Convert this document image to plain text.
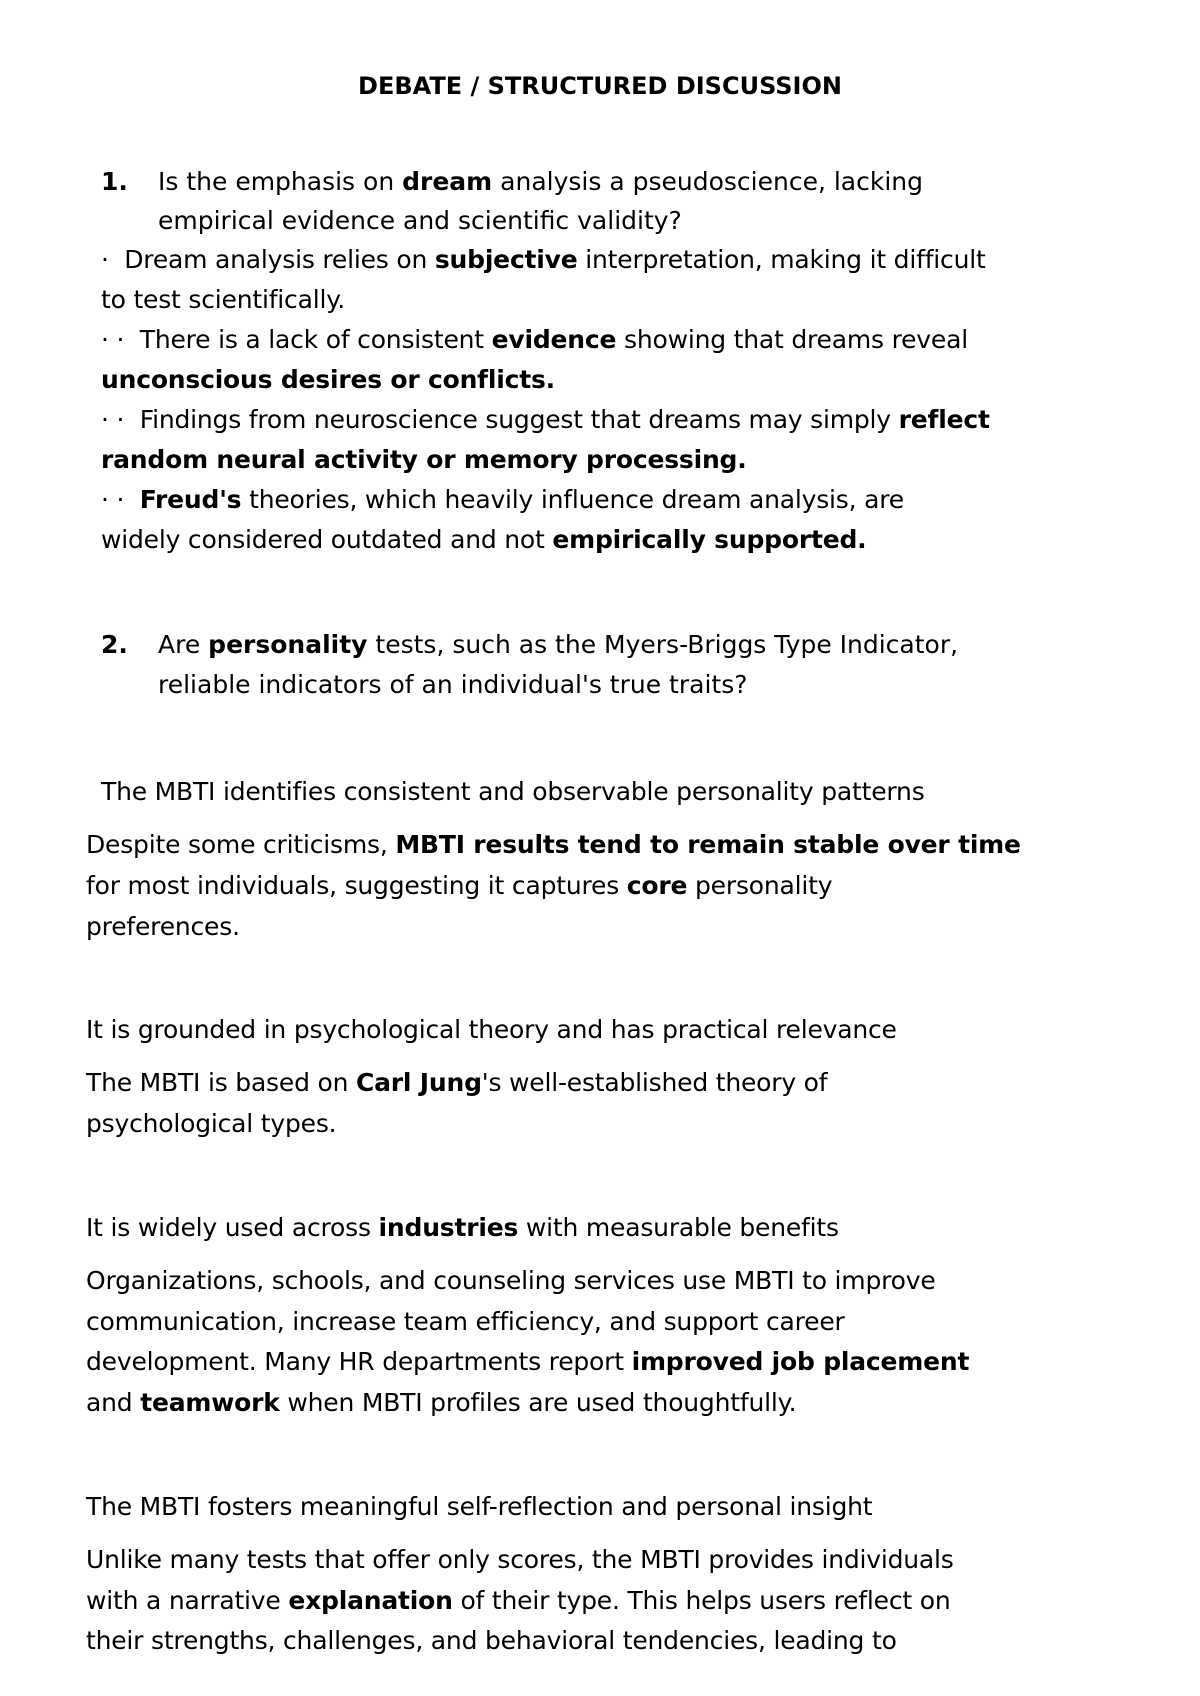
DEBATE / STRUCTURED DISCUSSION
1. Is the emphasis on dream analysis a pseudoscience, lacking
empirical evidence and scientific validity?
· Dream analysis relies on subjective interpretation, making it difficult
to test scientifically.
· · There is a lack of consistent evidence showing that dreams reveal
unconscious desires or conflicts.
· · Findings from neuroscience suggest that dreams may simply reflect
random neural activity or memory processing.
· · Freud's theories, which heavily influence dream analysis, are
widely considered outdated and not empirically supported.
2. Are personality tests, such as the Myers-Briggs Type Indicator,
reliable indicators of an individual's true traits?
The MBTI identifies consistent and observable personality patterns
Despite some criticisms, MBTI results tend to remain stable over time
for most individuals, suggesting it captures core personality
preferences.
It is grounded in psychological theory and has practical relevance
The MBTI is based on Carl Jung's well-established theory of
psychological types.
It is widely used across industries with measurable benefits
Organizations, schools, and counseling services use MBTI to improve
communication, increase team efficiency, and support career
development. Many HR departments report improved job placement
and teamwork when MBTI profiles are used thoughtfully.
The MBTI fosters meaningful self-reflection and personal insight
Unlike many tests that offer only scores, the MBTI provides individuals
with a narrative explanation of their type. This helps users reflect on
their strengths, challenges, and behavioral tendencies, leading to
